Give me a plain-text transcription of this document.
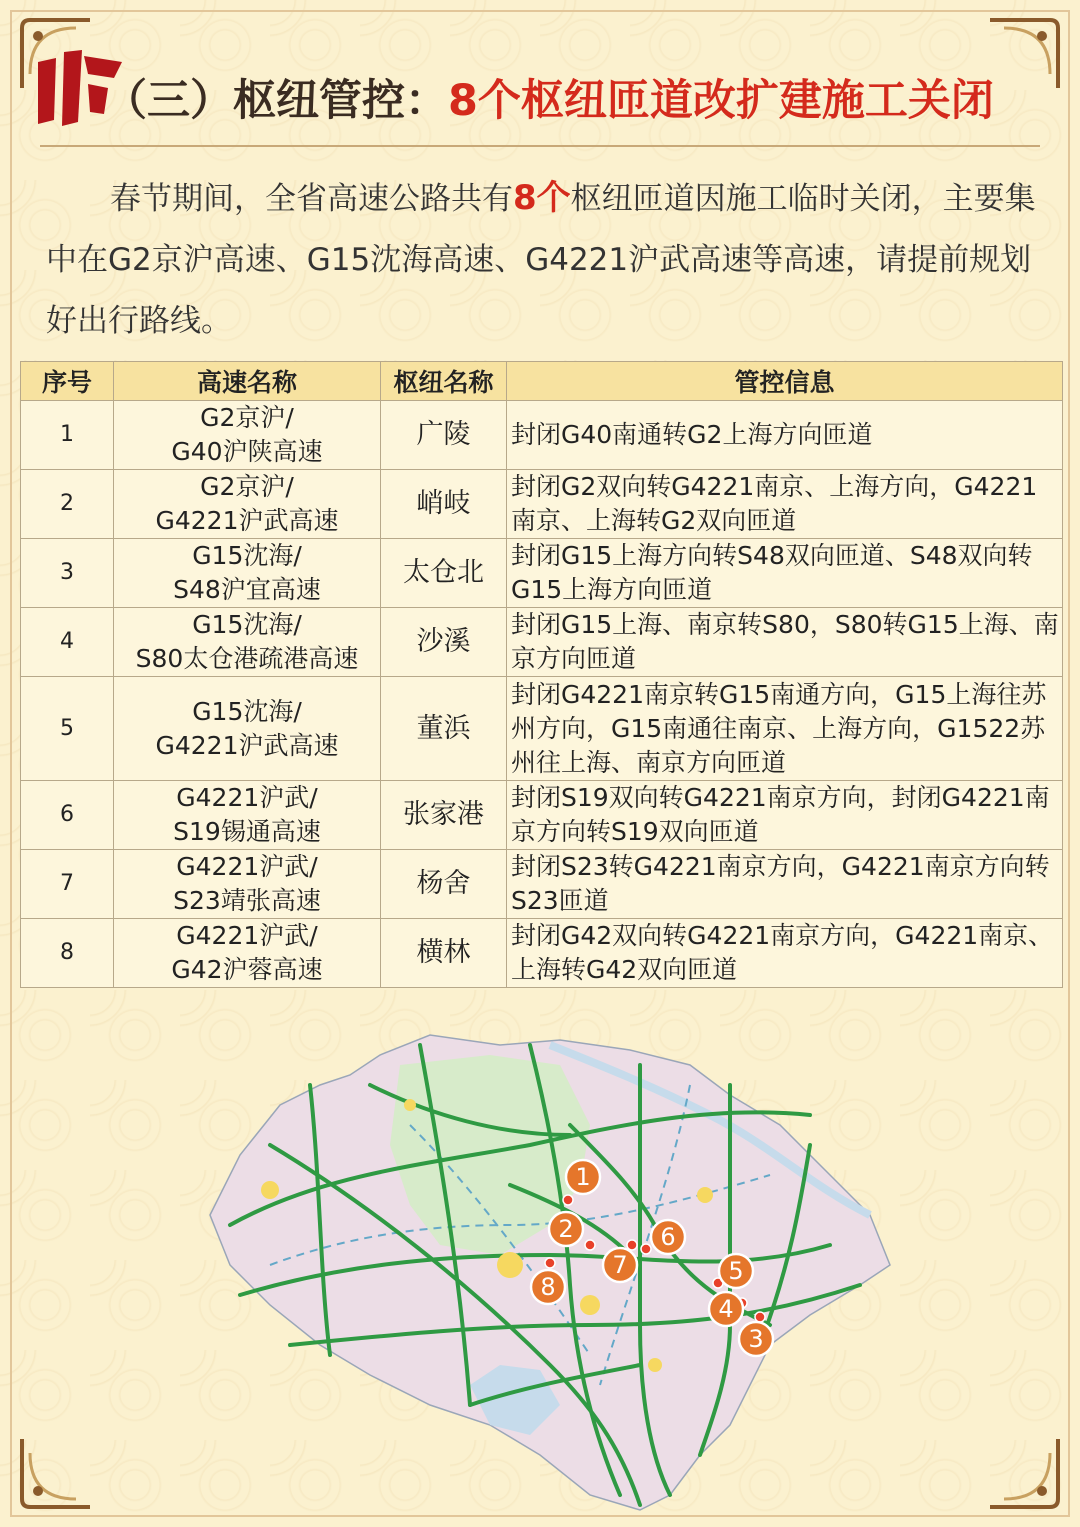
（三）枢纽管控： 8个枢纽匝道改扩建施工关闭
春节期间，全省高速公路共有8个枢纽匝道因施工临时关闭，主要集中在G2京沪高速、G15沈海高速、G4221沪武高速等高速，请提前规划好出行路线。
序号	高速名称	枢纽名称	管控信息
1	G2京沪/
G40沪陕高速	广陵	封闭G40南通转G2上海方向匝道
2	G2京沪/
G4221沪武高速	峭岐	封闭G2双向转G4221南京、上海方向，G4221南京、上海转G2双向匝道
3	G15沈海/
S48沪宜高速	太仓北	封闭G15上海方向转S48双向匝道、S48双向转G15上海方向匝道
4	G15沈海/
S80太仓港疏港高速	沙溪	封闭G15上海、南京转S80，S80转G15上海、南京方向匝道
5	G15沈海/
G4221沪武高速	董浜	封闭G4221南京转G15南通方向，G15上海往苏州方向，G15南通往南京、上海方向，G1522苏州往上海、南京方向匝道
6	G4221沪武/
S19锡通高速	张家港	封闭S19双向转G4221南京方向，封闭G4221南京方向转S19双向匝道
7	G4221沪武/
S23靖张高速	杨舍	封闭S23转G4221南京方向，G4221南京方向转S23匝道
8	G4221沪武/
G42沪蓉高速	横林	封闭G42双向转G4221南京方向，G4221南京、上海转G42双向匝道
1
2
3
4
5
6
7
8
